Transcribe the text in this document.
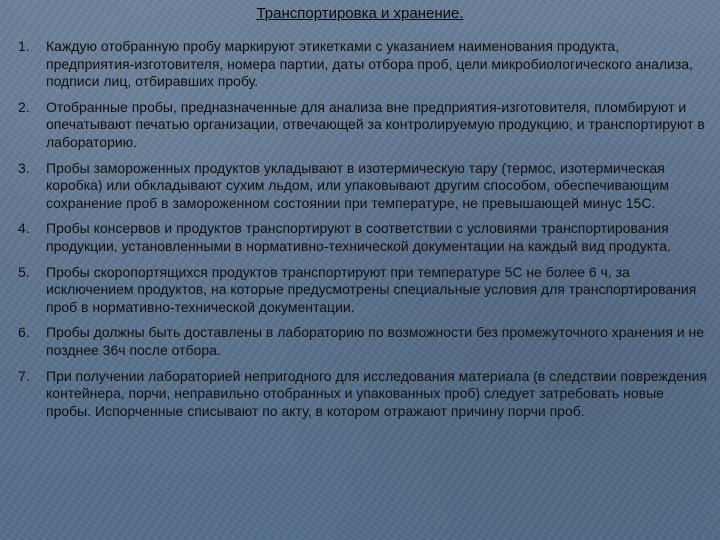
Транспортировка и хранение.
1.	Каждую отобранную пробу маркируют этикетками с указанием наименования продукта, предприятия-изготовителя, номера партии, даты отбора проб, цели микробиологического анализа, подписи лиц, отбиравших пробу.
2.	Отобранные пробы, предназначенные для анализа вне предприятия-изготовителя, пломбируют и опечатывают печатью организации, отвечающей за контролируемую продукцию, и транспортируют в лабораторию.
3.	Пробы замороженных продуктов укладывают в изотермическую тару (термос, изотермическая коробка) или обкладывают сухим льдом, или упаковывают другим способом, обеспечивающим сохранение проб в замороженном состоянии при температуре, не превышающей минус 15С.
4.	Пробы консервов и продуктов транспортируют в соответствии с условиями транспортирования продукции, установленными в нормативно-технической документации на каждый вид продукта.
5.	Пробы скоропортящихся продуктов транспортируют при температуре 5С не более 6 ч, за исключением продуктов, на которые предусмотрены специальные условия для транспортирования проб в нормативно-технической документации.
6.	Пробы должны быть доставлены в лабораторию по возможности без промежуточного хранения и не позднее 36ч после отбора.
7.	При получении лабораторией непригодного для исследования материала (в следствии повреждения контейнера, порчи, неправильно отобранных и упакованных проб) следует затребовать новые пробы. Испорченные списывают по акту, в котором отражают причину порчи проб.
